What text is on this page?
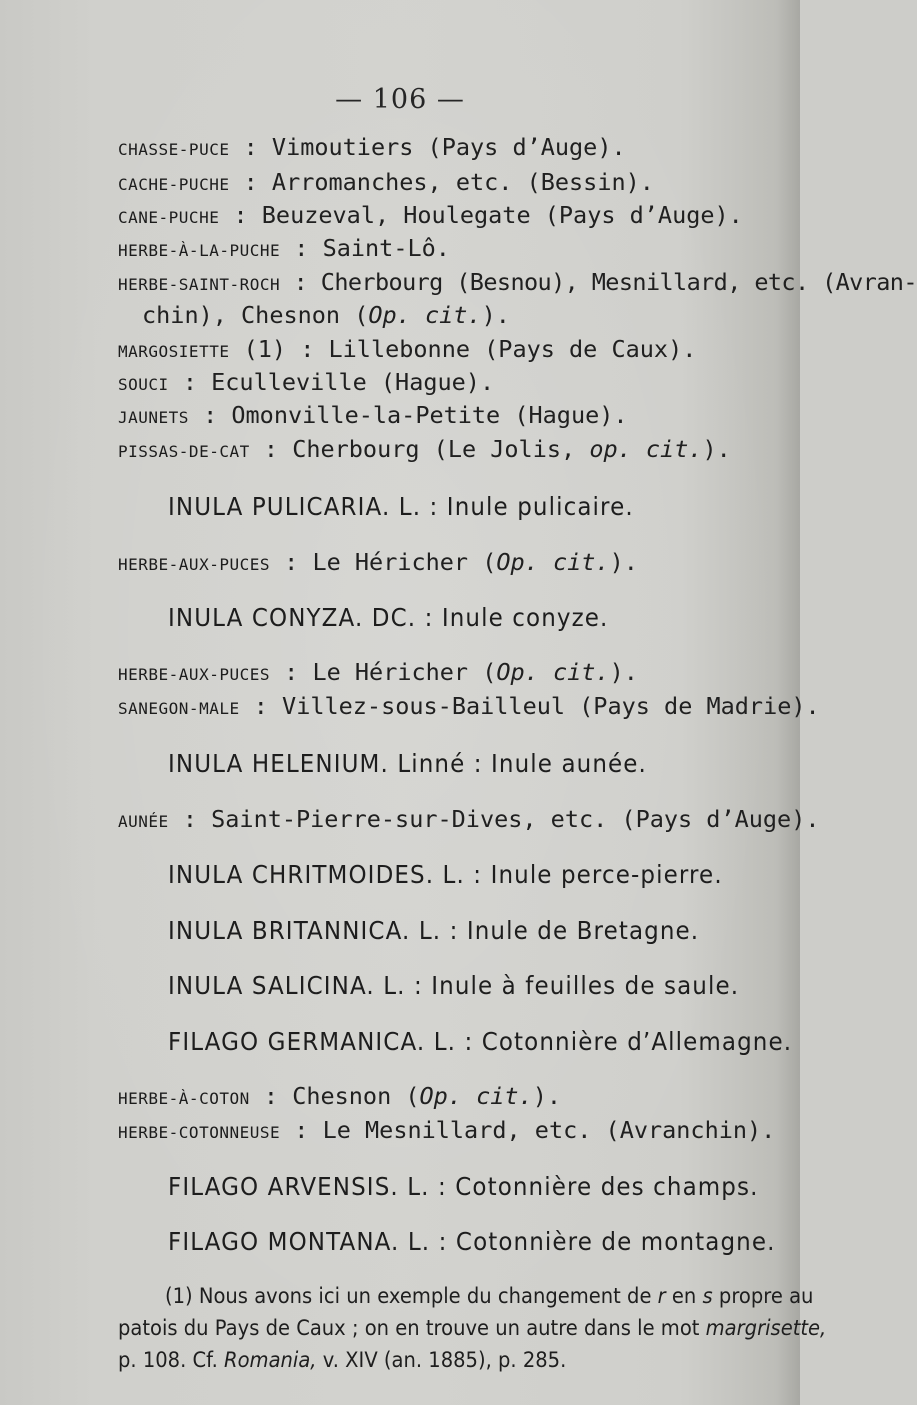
— 106 —
CHASSE-PUCE : Vimoutiers (Pays d’Auge).
CACHE-PUCHE : Arromanches, etc. (Bessin).
CANE-PUCHE : Beuzeval, Houlegate (Pays d’Auge).
HERBE-À-LA-PUCHE : Saint-Lô.
HERBE-SAINT-ROCH : Cherbourg (Besnou), Mesnillard, etc. (Avran-
chin), Chesnon (Op. cit.).
MARGOSIETTE (1) : Lillebonne (Pays de Caux).
SOUCI : Eculleville (Hague).
JAUNETS : Omonville-la-Petite (Hague).
PISSAS-DE-CAT : Cherbourg (Le Jolis, op. cit.).
INULA PULICARIA. L. : Inule pulicaire.
HERBE-AUX-PUCES : Le Héricher (Op. cit.).
INULA CONYZA. DC. : Inule conyze.
HERBE-AUX-PUCES : Le Héricher (Op. cit.).
SANEGON-MALE : Villez-sous-Bailleul (Pays de Madrie).
INULA HELENIUM. Linné : Inule aunée.
AUNÉE : Saint-Pierre-sur-Dives, etc. (Pays d’Auge).
INULA CHRITMOIDES. L. : Inule perce-pierre.
INULA BRITANNICA. L. : Inule de Bretagne.
INULA SALICINA. L. : Inule à feuilles de saule.
FILAGO GERMANICA. L. : Cotonnière d’Allemagne.
HERBE-À-COTON : Chesnon (Op. cit.).
HERBE-COTONNEUSE : Le Mesnillard, etc. (Avranchin).
FILAGO ARVENSIS. L. : Cotonnière des champs.
FILAGO MONTANA. L. : Cotonnière de montagne.
(1) Nous avons ici un exemple du changement de r en s propre au
patois du Pays de Caux ; on en trouve un autre dans le mot margrisette,
p. 108. Cf. Romania, v. XIV (an. 1885), p. 285.
